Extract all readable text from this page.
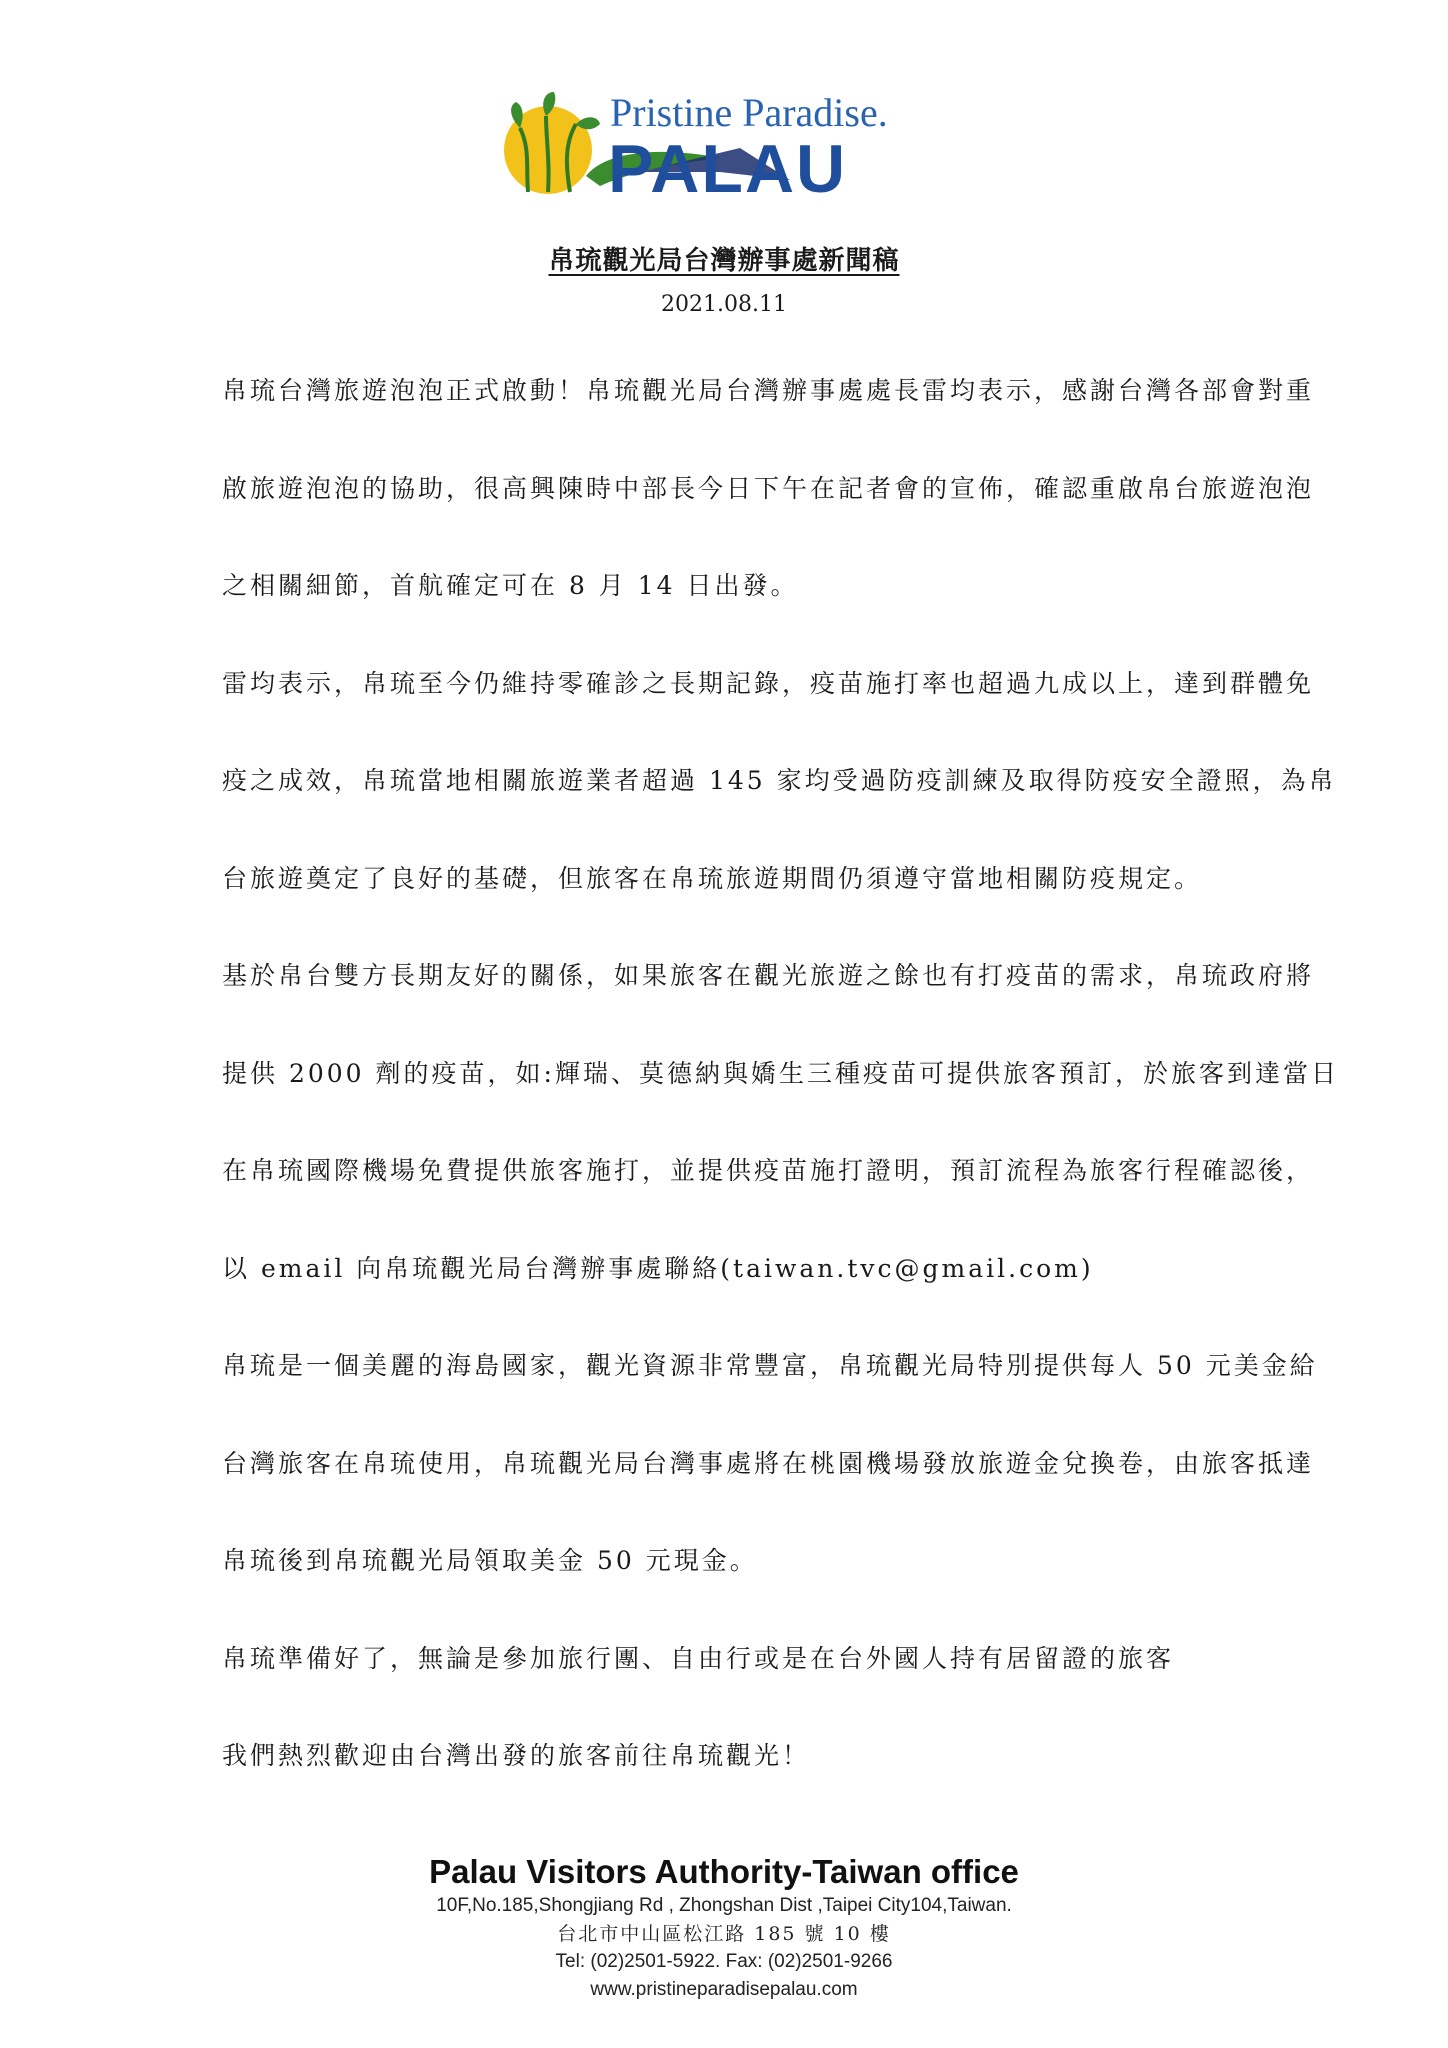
Pristine Paradise.
PALAU
帛琉觀光局台灣辦事處新聞稿
2021.08.11
帛琉台灣旅遊泡泡正式啟動！帛琉觀光局台灣辦事處處長雷均表示，感謝台灣各部會對重
啟旅遊泡泡的協助，很高興陳時中部長今日下午在記者會的宣佈，確認重啟帛台旅遊泡泡
之相關細節，首航確定可在 8 月 14 日出發。
雷均表示，帛琉至今仍維持零確診之長期記錄，疫苗施打率也超過九成以上，達到群體免
疫之成效，帛琉當地相關旅遊業者超過 145 家均受過防疫訓練及取得防疫安全證照，為帛
台旅遊奠定了良好的基礎，但旅客在帛琉旅遊期間仍須遵守當地相關防疫規定。
基於帛台雙方長期友好的關係，如果旅客在觀光旅遊之餘也有打疫苗的需求，帛琉政府將
提供 2000 劑的疫苗，如:輝瑞、莫德納與嬌生三種疫苗可提供旅客預訂，於旅客到達當日
在帛琉國際機場免費提供旅客施打，並提供疫苗施打證明，預訂流程為旅客行程確認後，
以 email 向帛琉觀光局台灣辦事處聯絡(taiwan.tvc@gmail.com)
帛琉是一個美麗的海島國家，觀光資源非常豐富，帛琉觀光局特別提供每人 50 元美金給
台灣旅客在帛琉使用，帛琉觀光局台灣事處將在桃園機場發放旅遊金兌換卷，由旅客抵達
帛琉後到帛琉觀光局領取美金 50 元現金。
帛琉準備好了，無論是參加旅行團、自由行或是在台外國人持有居留證的旅客
我們熱烈歡迎由台灣出發的旅客前往帛琉觀光！
Palau Visitors Authority-Taiwan office
10F,No.185,Shongjiang Rd , Zhongshan Dist ,Taipei City104,Taiwan.
台北市中山區松江路 185 號 10 樓
Tel: (02)2501-5922. Fax: (02)2501-9266
www.pristineparadisepalau.com
